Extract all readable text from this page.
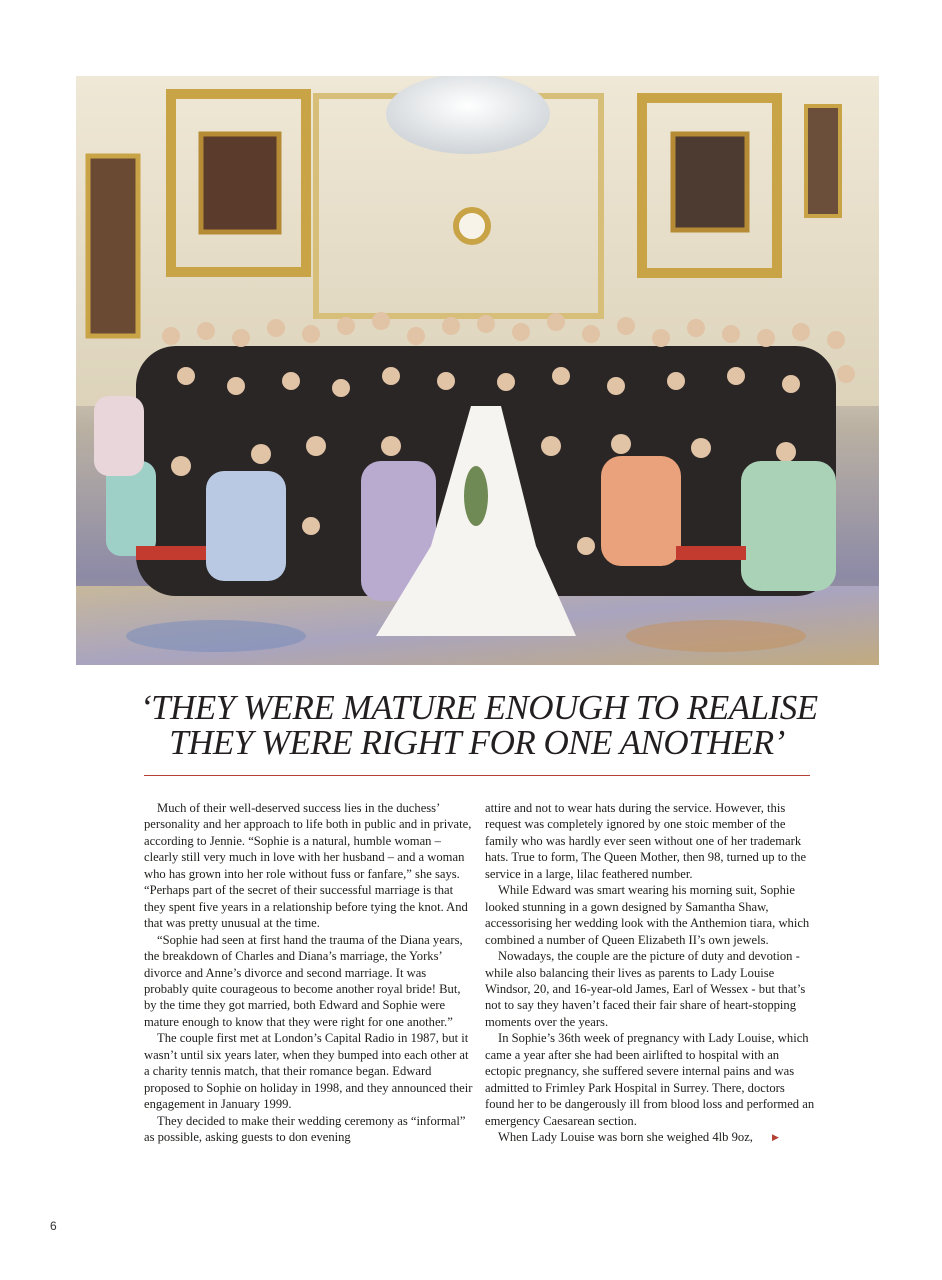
‘THEY WERE MATURE ENOUGH TO REALISE
THEY WERE RIGHT FOR ONE ANOTHER’

Much of their well-deserved success lies in the duchess’ personality and her approach to life both in public and in private, according to Jennie. “Sophie is a natural, humble woman – clearly still very much in love with her husband – and a woman who has grown into her role without fuss or fanfare,” she says. “Perhaps part of the secret of their successful marriage is that they spent five years in a relationship before tying the knot. And that was pretty unusual at the time.

“Sophie had seen at first hand the trauma of the Diana years, the breakdown of Charles and Diana’s marriage, the Yorks’ divorce and Anne’s divorce and second marriage. It was probably quite courageous to become another royal bride! But, by the time they got married, both Edward and Sophie were mature enough to know that they were right for one another.”

The couple first met at London’s Capital Radio in 1987, but it wasn’t until six years later, when they bumped into each other at a charity tennis match, that their romance began. Edward proposed to Sophie on holiday in 1998, and they announced their engagement in January 1999.

They decided to make their wedding ceremony as “informal” as possible, asking guests to don evening

attire and not to wear hats during the service. However, this request was completely ignored by one stoic member of the family who was hardly ever seen without one of her trademark hats. True to form, The Queen Mother, then 98, turned up to the service in a large, lilac feathered number.

While Edward was smart wearing his morning suit, Sophie looked stunning in a gown designed by Samantha Shaw, accessorising her wedding look with the Anthemion tiara, which combined a number of Queen Elizabeth II’s own jewels.

Nowadays, the couple are the picture of duty and devotion - while also balancing their lives as parents to Lady Louise Windsor, 20, and 16-year-old James, Earl of Wessex - but that’s not to say they haven’t faced their fair share of heart-stopping moments over the years.

In Sophie’s 36th week of pregnancy with Lady Louise, which came a year after she had been airlifted to hospital with an ectopic pregnancy, she suffered severe internal pains and was admitted to Frimley Park Hospital in Surrey. There, doctors found her to be dangerously ill from blood loss and performed an emergency Caesarean section.

When Lady Louise was born she weighed 4lb 9oz, ▶

6
